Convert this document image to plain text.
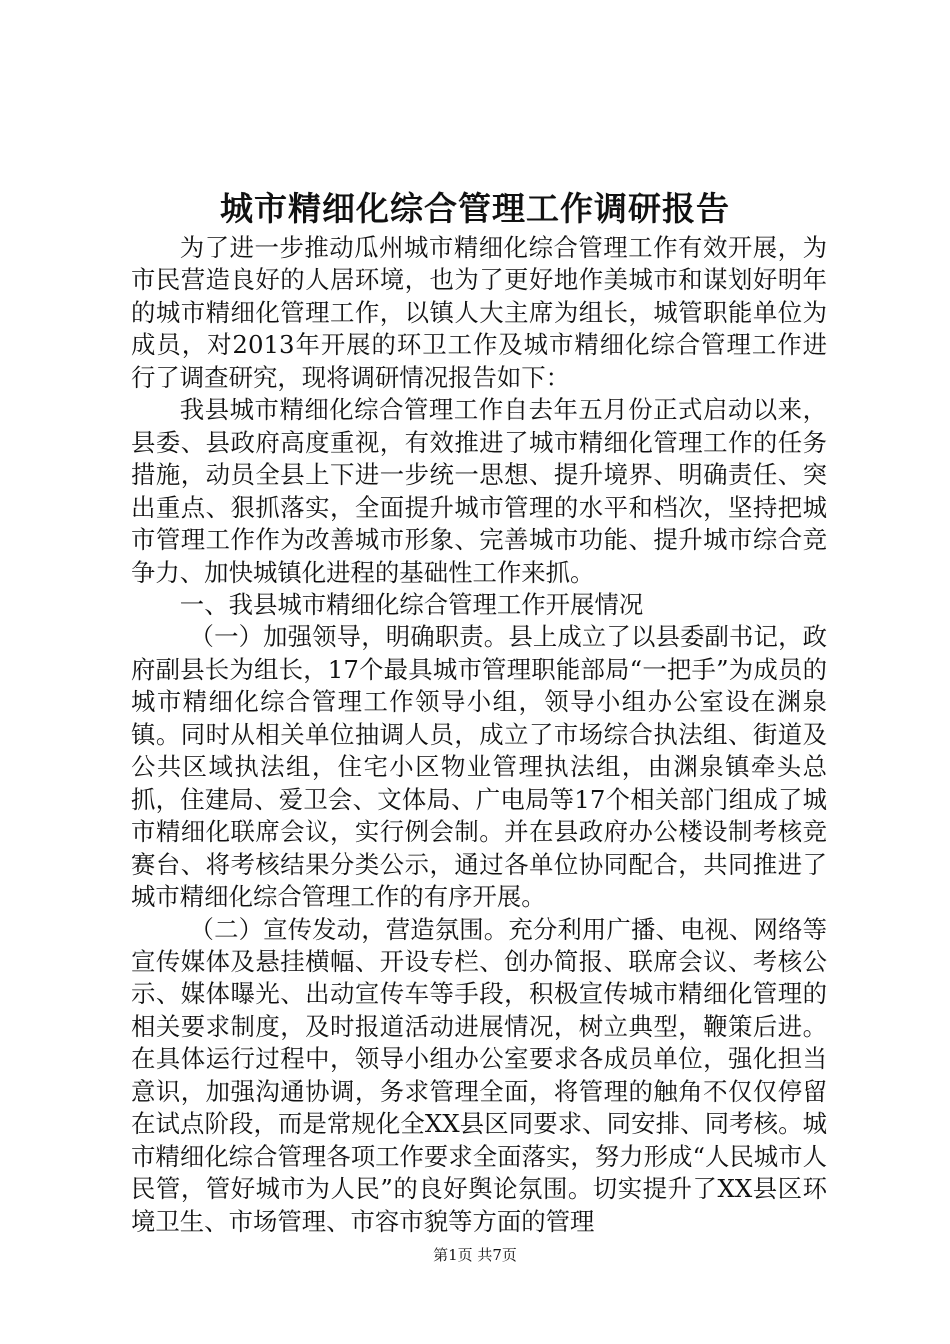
城市精细化综合管理工作调研报告

为了进一步推动瓜州城市精细化综合管理工作有效开展，为市民营造良好的人居环境，也为了更好地作美城市和谋划好明年的城市精细化管理工作，以镇人大主席为组长，城管职能单位为成员，对2013年开展的环卫工作及城市精细化综合管理工作进行了调查研究，现将调研情况报告如下：

我县城市精细化综合管理工作自去年五月份正式启动以来，县委、县政府高度重视，有效推进了城市精细化管理工作的任务措施，动员全县上下进一步统一思想、提升境界、明确责任、突出重点、狠抓落实，全面提升城市管理的水平和档次，坚持把城市管理工作作为改善城市形象、完善城市功能、提升城市综合竞争力、加快城镇化进程的基础性工作来抓。

一、我县城市精细化综合管理工作开展情况

（一）加强领导，明确职责。县上成立了以县委副书记，政府副县长为组长，17个最具城市管理职能部局“一把手”为成员的城市精细化综合管理工作领导小组，领导小组办公室设在渊泉镇。同时从相关单位抽调人员，成立了市场综合执法组、街道及公共区域执法组，住宅小区物业管理执法组，由渊泉镇牵头总抓，住建局、爱卫会、文体局、广电局等17个相关部门组成了城市精细化联席会议，实行例会制。并在县政府办公楼设制考核竞赛台、将考核结果分类公示，通过各单位协同配合，共同推进了城市精细化综合管理工作的有序开展。

（二）宣传发动，营造氛围。充分利用广播、电视、网络等宣传媒体及悬挂横幅、开设专栏、创办简报、联席会议、考核公示、媒体曝光、出动宣传车等手段，积极宣传城市精细化管理的相关要求制度，及时报道活动进展情况，树立典型，鞭策后进。在具体运行过程中，领导小组办公室要求各成员单位，强化担当意识，加强沟通协调，务求管理全面，将管理的触角不仅仅停留在试点阶段，而是常规化全XX县区同要求、同安排、同考核。城市精细化综合管理各项工作要求全面落实，努力形成“人民城市人民管，管好城市为人民”的良好舆论氛围。切实提升了XX县区环境卫生、市场管理、市容市貌等方面的管理

第1页 共7页
